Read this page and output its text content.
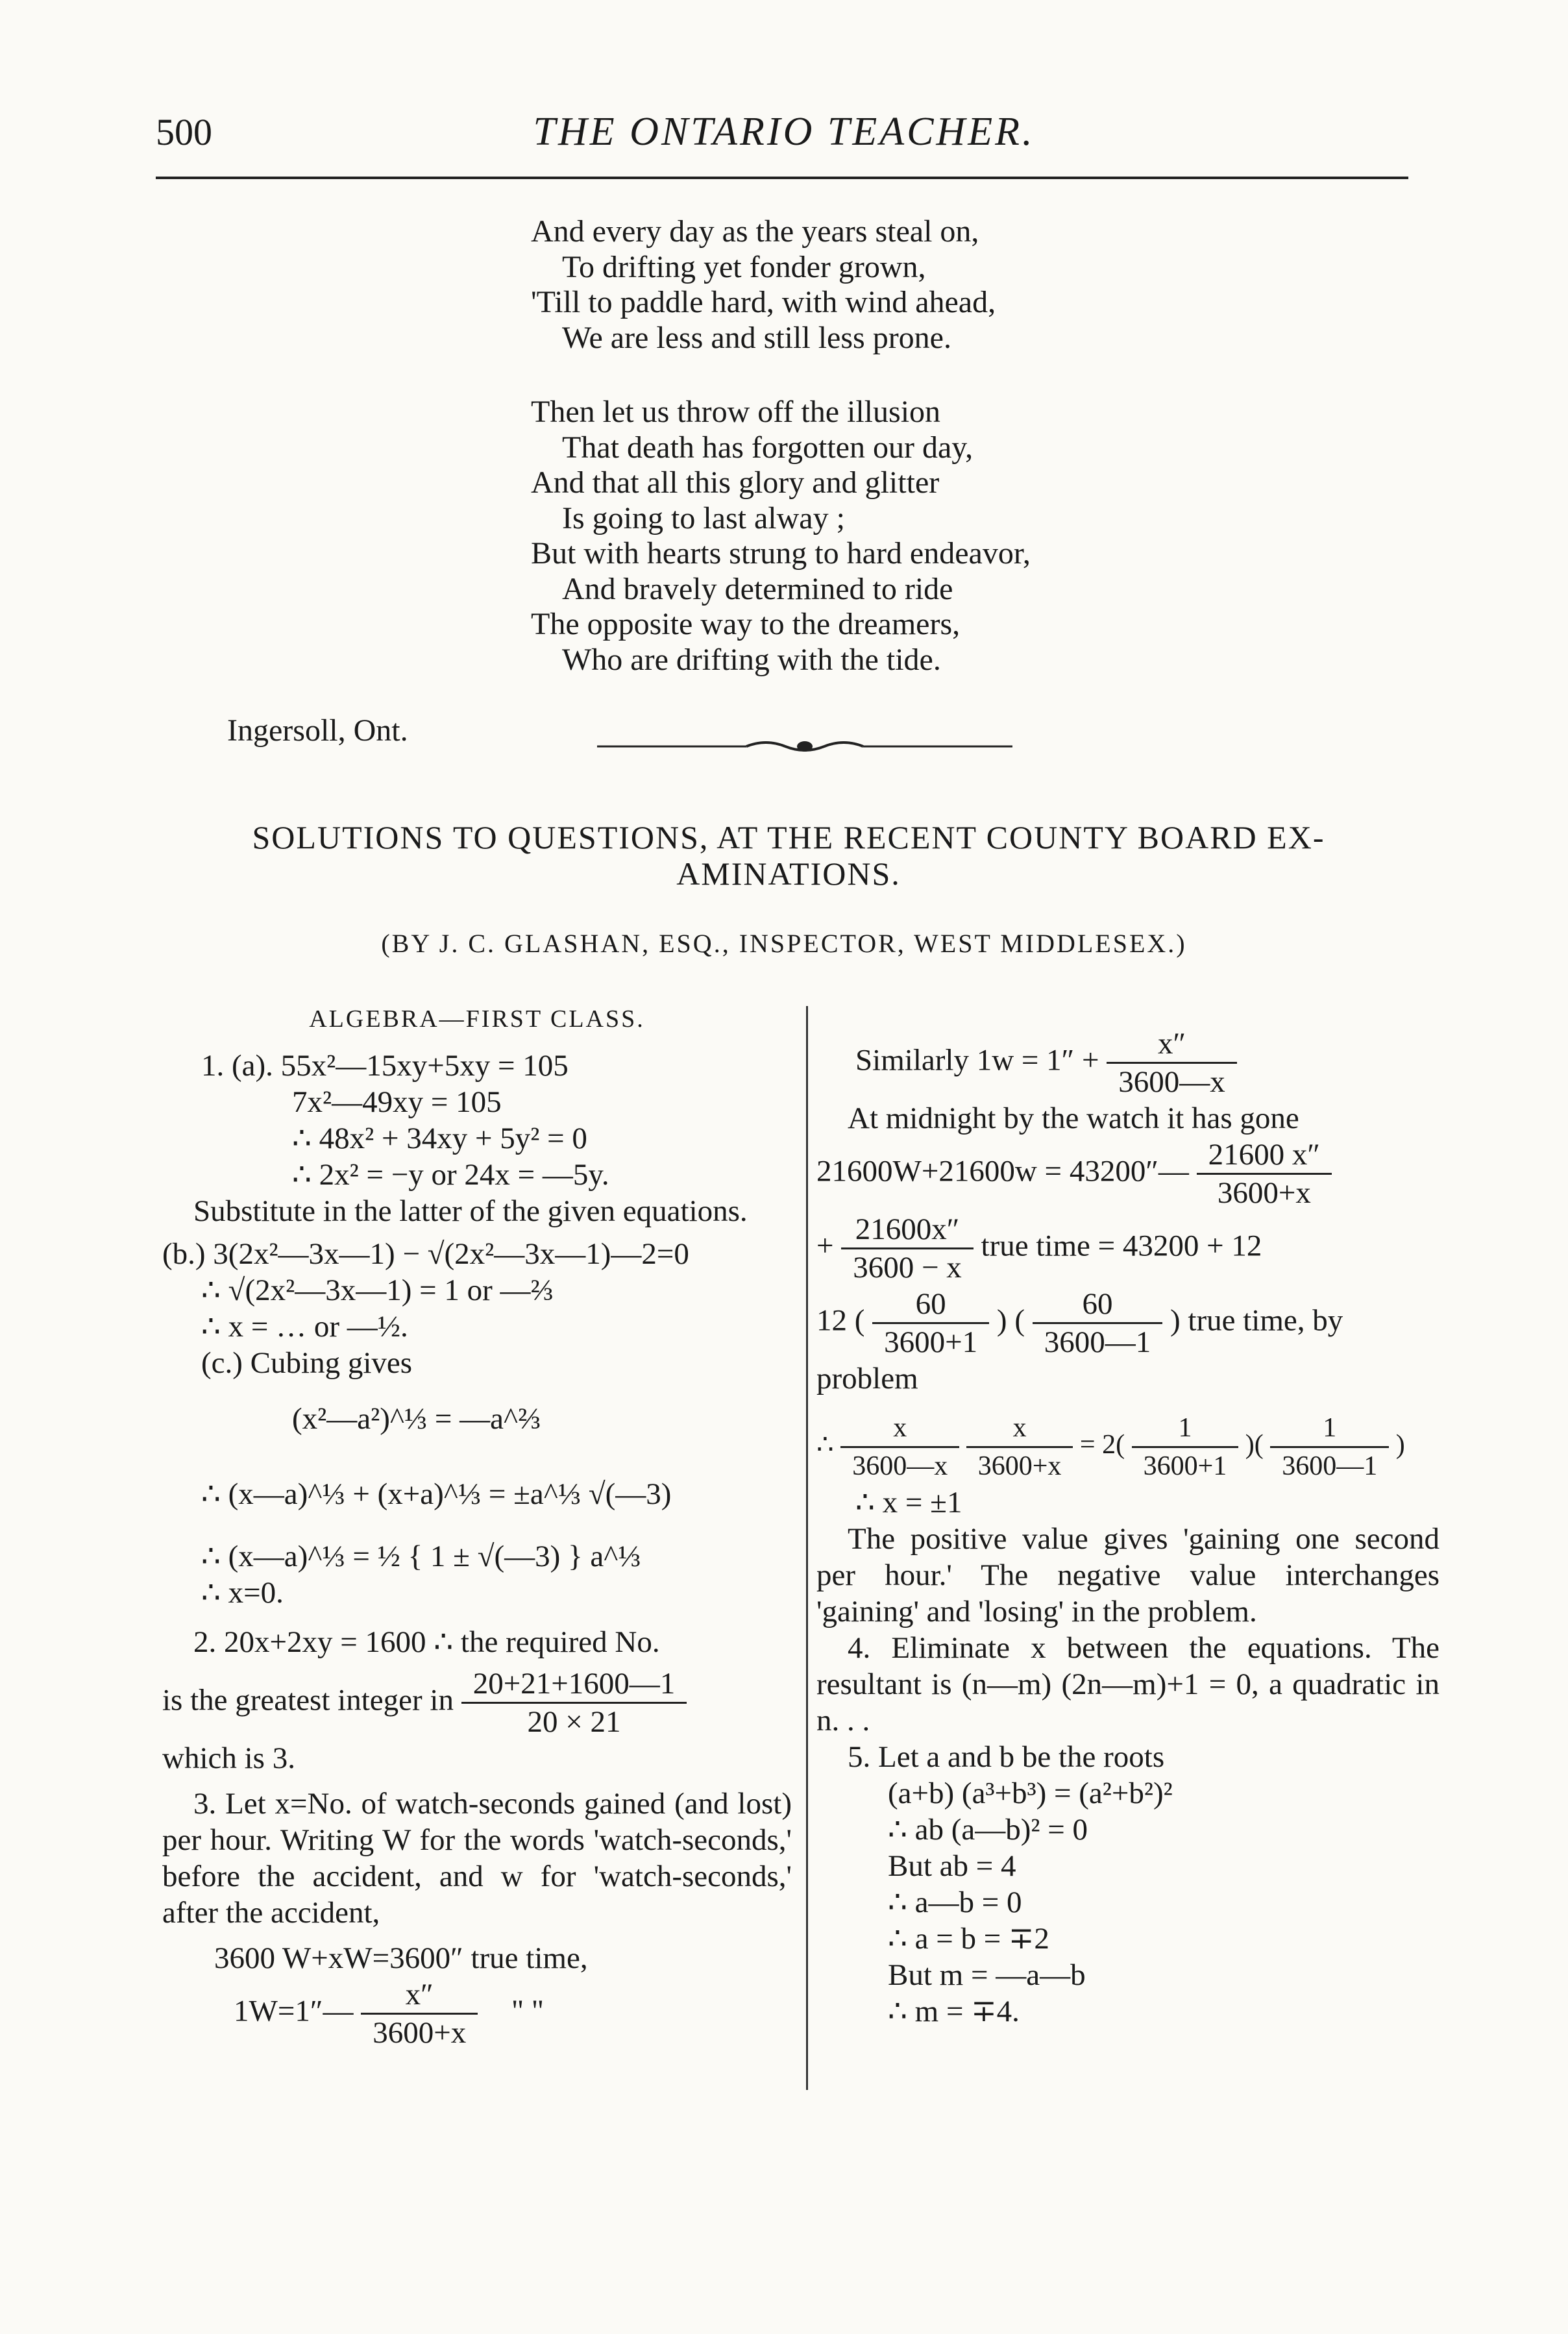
500	THE ONTARIO TEACHER.
And every day as the years steal on,
To drifting yet fonder grown,
'Till to paddle hard, with wind ahead,
We are less and still less prone.
Then let us throw off the illusion
That death has forgotten our day,
And that all this glory and glitter
Is going to last alway ;
But with hearts strung to hard endeavor,
And bravely determined to ride
The opposite way to the dreamers,
Who are drifting with the tide.
Ingersoll, Ont.
SOLUTIONS TO QUESTIONS, AT THE RECENT COUNTY BOARD EX-
AMINATIONS.
(BY J. C. GLASHAN, ESQ., INSPECTOR, WEST MIDDLESEX.)
ALGEBRA—FIRST CLASS.
1. (a). 55x²—15xy+5xy = 105
7x²—49xy = 105
∴ 48x² + 34xy + 5y² = 0
∴ 2x² = −y or 24x = —5y.
Substitute in the latter of the given equations.
(b.) 3(2x²—3x—1) − √(2x²—3x—1)—2=0
∴ √(2x²—3x—1) = 1 or —⅔
∴ x = … or —½.
(c.) Cubing gives
(x²—a²)^⅓ = —a^⅔
∴ (x—a)^⅓ + (x+a)^⅓ = ±a^⅓ √(—3)
∴ (x—a)^⅓ = ½ { 1 ± √(—3) } a^⅓
∴ x=0.
2. 20x+2xy = 1600 ∴ the required No.
is the greatest integer in $\frac{20+21+1600—1}{20 \times 21}$
which is 3.
3. Let x=No. of watch-seconds gained (and lost) per hour. Writing W for the words 'watch-seconds,' before the accident, and w for 'watch-seconds,' after the accident,
3600 W+xW=3600″ true time,
1W=1″— $\frac{x''}{3600+x}$ " "
Similarly $1w = 1'' + \frac{x''}{3600—x}$
At midnight by the watch it has gone
21600W+21600w = 43200″— $\frac{21600 x''}{3600+x}$
+ $\frac{21600x''}{3600 - x}$ true time = 43200 + 12
12 ( $\frac{60}{3600+1}$ ) ( $\frac{60}{3600—1}$ ) true time, by
problem
∴ $\frac{x}{3600—x}$
$\frac{x}{3600+x} = 2( \frac{1}{3600+1}$ )( $\frac{1}{3600—1}$ )
∴ x = ±1
The positive value gives 'gaining one second per hour.' The negative value interchanges 'gaining' and 'losing' in the problem.
4. Eliminate x between the equations. The resultant is (n—m) (2n—m)+1 = 0, a quadratic in n. . .
5. Let a and b be the roots
(a+b) (a³+b³) = (a²+b²)²
∴ ab (a—b)² = 0
But ab = 4
∴ a—b = 0
∴ a = b = ∓2
But m = —a—b
∴ m = ∓4.
